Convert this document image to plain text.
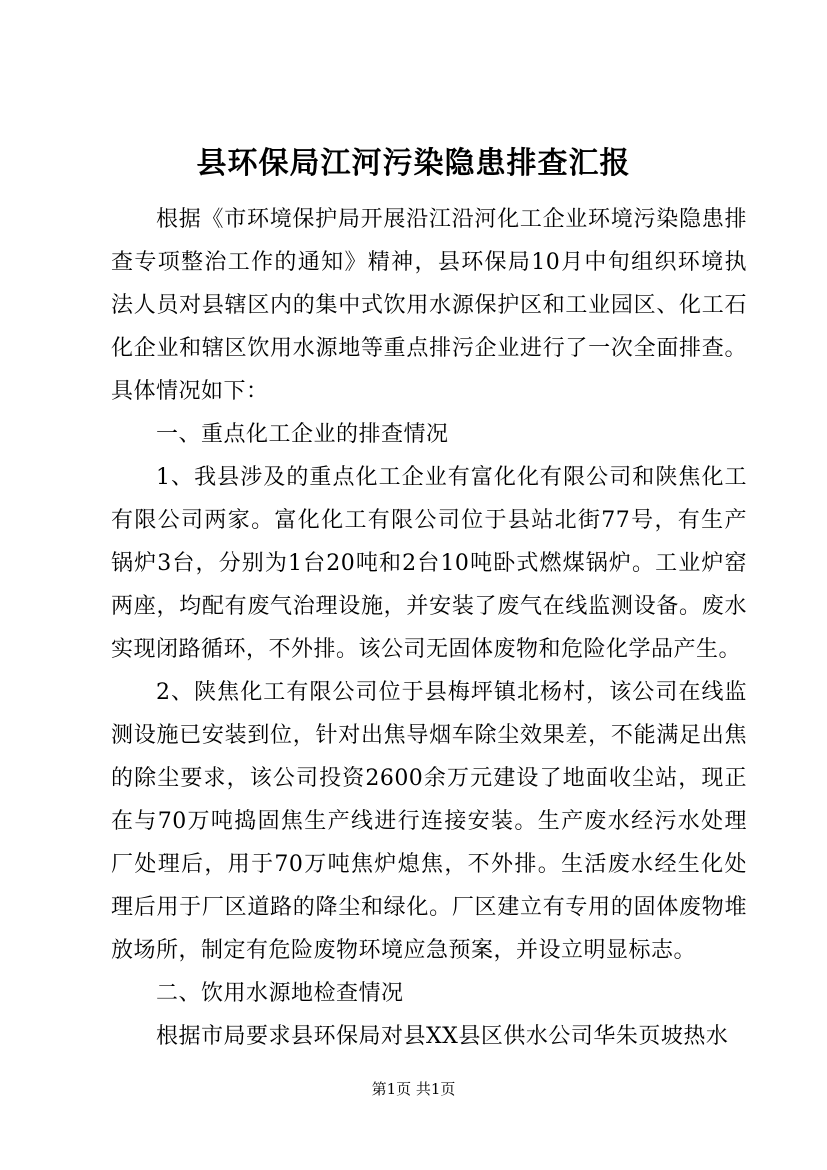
县环保局江河污染隐患排查汇报

根据《市环境保护局开展沿江沿河化工企业环境污染隐患排查专项整治工作的通知》精神，县环保局10月中旬组织环境执法人员对县辖区内的集中式饮用水源保护区和工业园区、化工石化企业和辖区饮用水源地等重点排污企业进行了一次全面排查。具体情况如下：

一、重点化工企业的排查情况

1、我县涉及的重点化工企业有富化化有限公司和陕焦化工有限公司两家。富化化工有限公司位于县站北街77号，有生产锅炉3台，分别为1台20吨和2台10吨卧式燃煤锅炉。工业炉窑两座，均配有废气治理设施，并安装了废气在线监测设备。废水实现闭路循环，不外排。该公司无固体废物和危险化学品产生。

2、陕焦化工有限公司位于县梅坪镇北杨村，该公司在线监测设施已安装到位，针对出焦导烟车除尘效果差，不能满足出焦的除尘要求，该公司投资2600余万元建设了地面收尘站，现正在与70万吨捣固焦生产线进行连接安装。生产废水经污水处理厂处理后，用于70万吨焦炉熄焦，不外排。生活废水经生化处理后用于厂区道路的降尘和绿化。厂区建立有专用的固体废物堆放场所，制定有危险废物环境应急预案，并设立明显标志。

二、饮用水源地检查情况

根据市局要求县环保局对县XX县区供水公司华朱页坡热水

第1页 共1页
